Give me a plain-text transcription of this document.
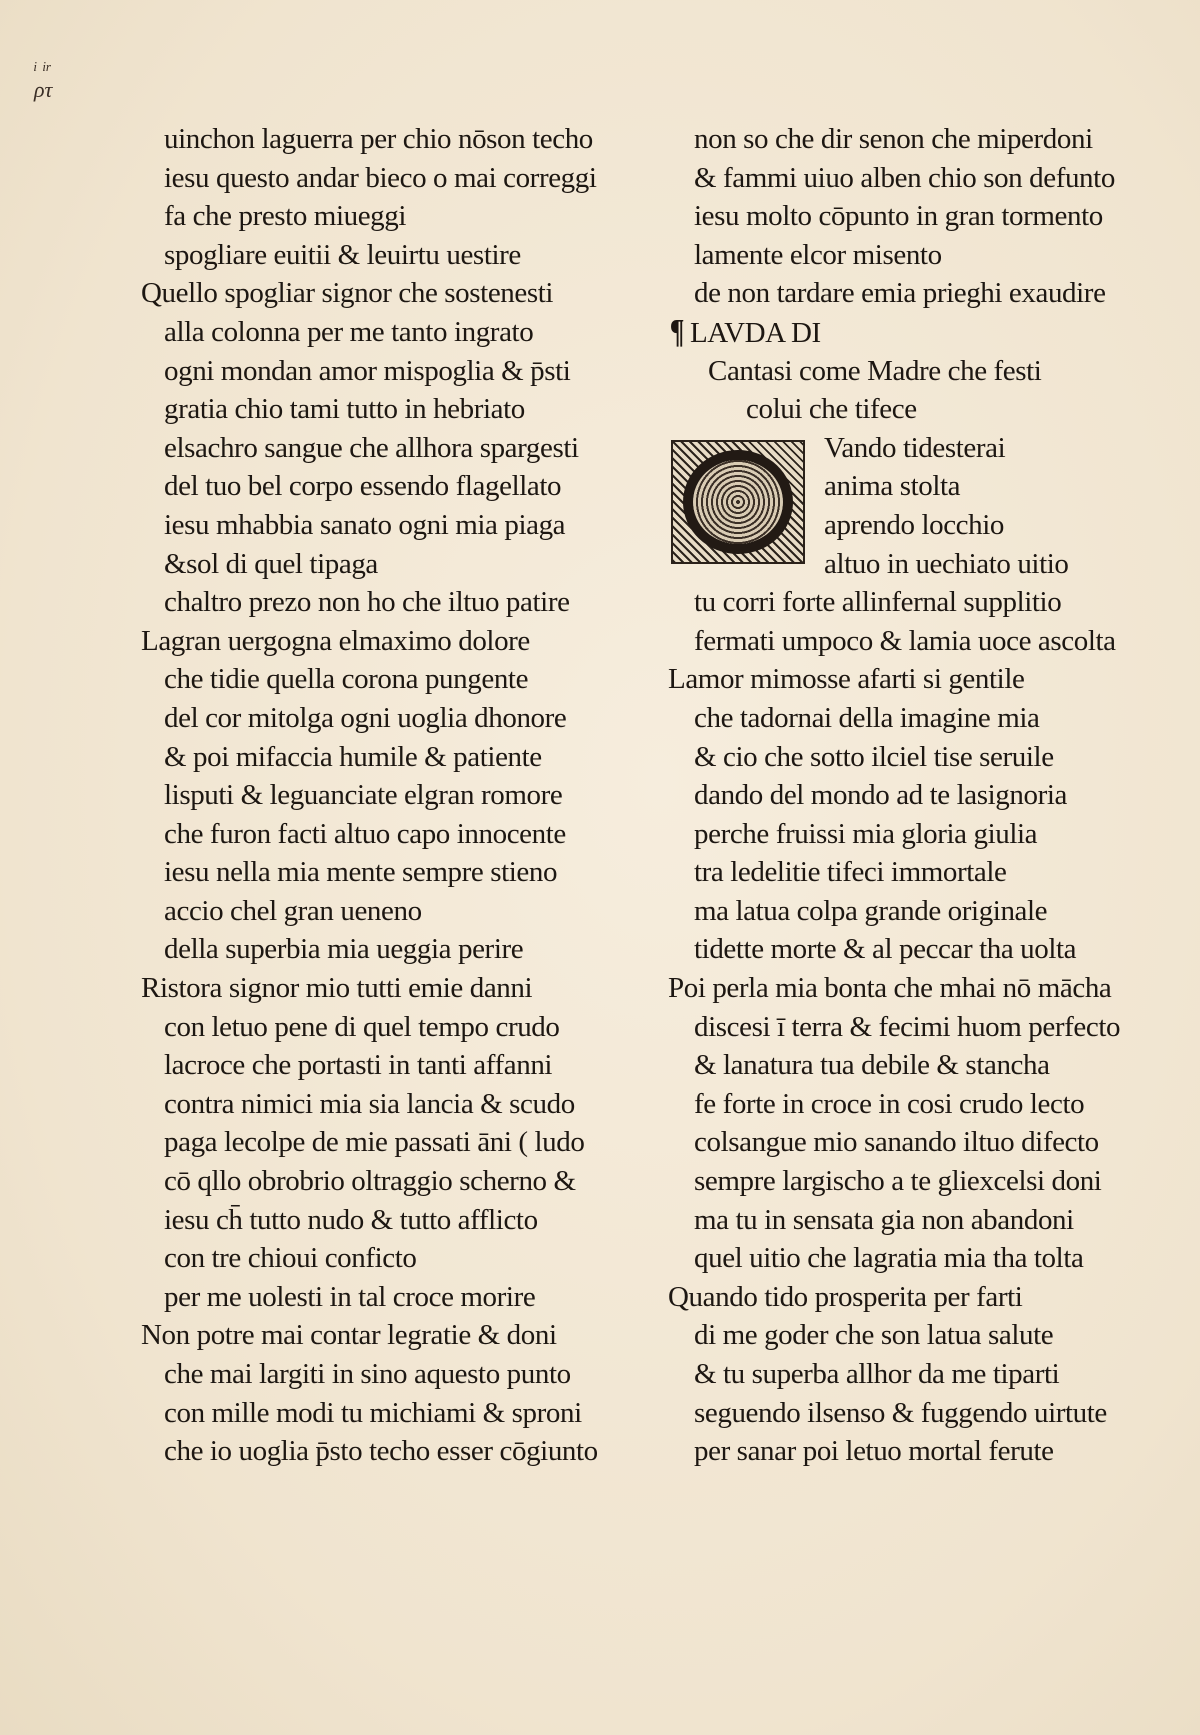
ᵢ ᵢᵣ
ρτ
uinchon laguerra per chio nōson techo
iesu questo andar bieco o mai correggi
fa che presto miueggi
spogliare euitii & leuirtu uestire
Quello spogliar signor che sostenesti
alla colonna per me tanto ingrato
ogni mondan amor mispoglia & p̄sti
gratia chio tami tutto in hebriato
elsachro sangue che allhora spargesti
del tuo bel corpo essendo flagellato
iesu mhabbia sanato ogni mia piaga
&sol di quel tipaga
chaltro prezo non ho che iltuo patire
Lagran uergogna elmaximo dolore
che tidie quella corona pungente
del cor mitolga ogni uoglia dhonore
& poi mifaccia humile & patiente
lisputi & leguanciate elgran romore
che furon facti altuo capo innocente
iesu nella mia mente sempre stieno
accio chel gran ueneno
della superbia mia ueggia perire
Ristora signor mio tutti emie danni
con letuo pene di quel tempo crudo
lacroce che portasti in tanti affanni
contra nimici mia sia lancia & scudo
paga lecolpe de mie passati āni ( ludo
cō qllo obrobrio oltraggio scherno &
iesu ch̄ tutto nudo & tutto afflicto
con tre chioui conficto
per me uolesti in tal croce morire
Non potre mai contar legratie & doni
che mai largiti in sino aquesto punto
con mille modi tu michiami & sproni
che io uoglia p̄sto techo esser cōgiunto
non so che dir senon che miperdoni
& fammi uiuo alben chio son defunto
iesu molto cōpunto in gran tormento
lamente elcor misento
de non tardare emia prieghi exaudire
¶ LAVDA DI
Cantasi come Madre che festi
colui che tifece
Vando tidesterai
anima stolta
aprendo locchio
altuo in uechiato uitio
tu corri forte allinfernal supplitio
fermati umpoco & lamia uoce ascolta
Lamor mimosse afarti si gentile
che tadornai della imagine mia
& cio che sotto ilciel tise seruile
dando del mondo ad te lasignoria
perche fruissi mia gloria giulia
tra ledelitie tifeci immortale
ma latua colpa grande originale
tidette morte & al peccar tha uolta
Poi perla mia bonta che mhai nō mācha
discesi ī terra & fecimi huom perfecto
& lanatura tua debile & stancha
fe forte in croce in cosi crudo lecto
colsangue mio sanando iltuo difecto
sempre largischo a te gliexcelsi doni
ma tu in sensata gia non abandoni
quel uitio che lagratia mia tha tolta
Quando tido prosperita per farti
di me goder che son latua salute
& tu superba allhor da me tiparti
seguendo ilsenso & fuggendo uirtute
per sanar poi letuo mortal ferute
